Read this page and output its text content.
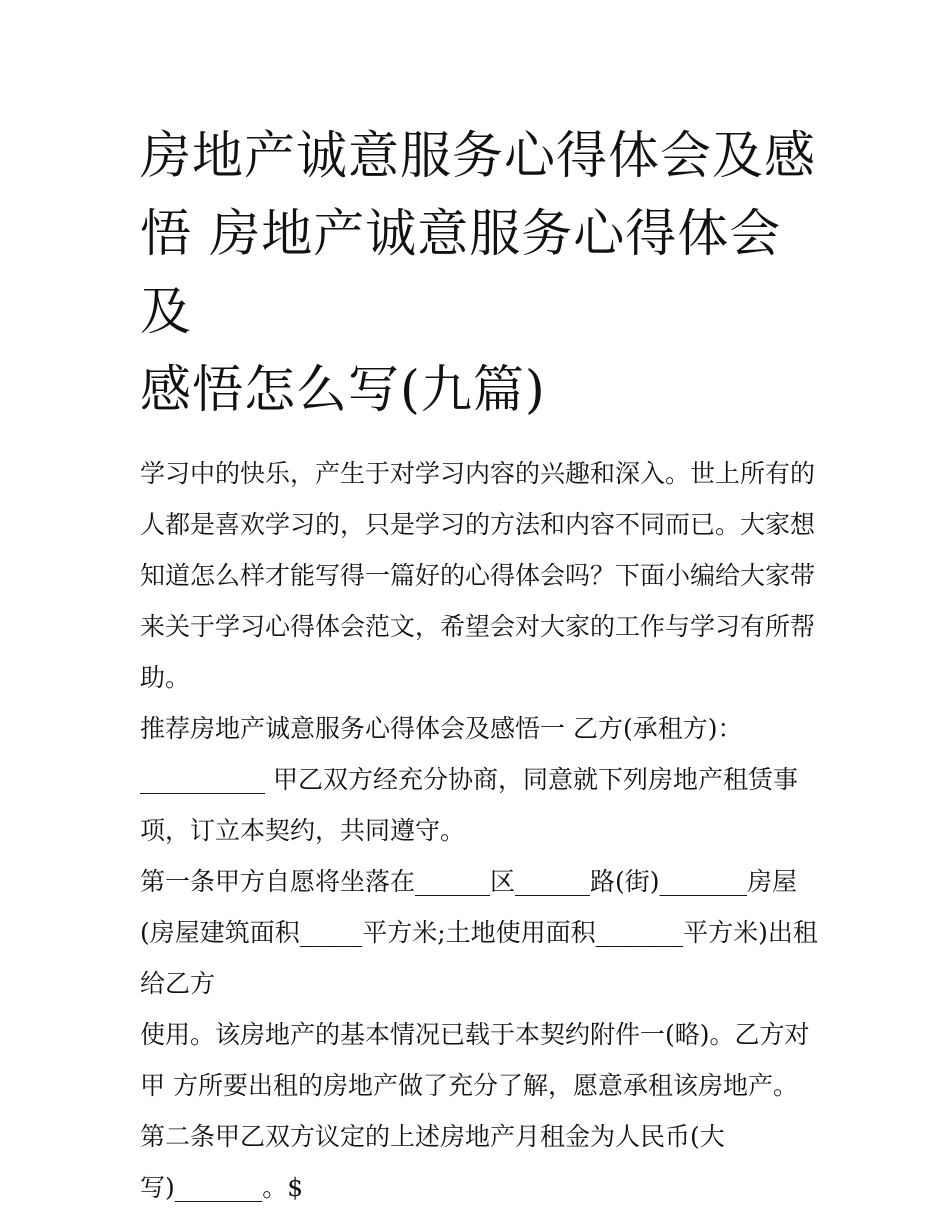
房地产诚意服务心得体会及感
悟 房地产诚意服务心得体会及
感悟怎么写(九篇)
学习中的快乐，产生于对学习内容的兴趣和深入。世上所有的
人都是喜欢学习的，只是学习的方法和内容不同而已。大家想
知道怎么样才能写得一篇好的心得体会吗？下面小编给大家带
来关于学习心得体会范文，希望会对大家的工作与学习有所帮
助。
推荐房地产诚意服务心得体会及感悟一 乙方(承租方)：
__________ 甲乙双方经充分协商，同意就下列房地产租赁事
项，订立本契约，共同遵守。
第一条甲方自愿将坐落在______区______路(街)_______房屋
(房屋建筑面积_____平方米;土地使用面积_______平方米)出租
给乙方
使用。该房地产的基本情况已载于本契约附件一(略)。乙方对
甲 方所要出租的房地产做了充分了解，愿意承租该房地产。
第二条甲乙双方议定的上述房地产月租金为人民币(大
写)_______。$
